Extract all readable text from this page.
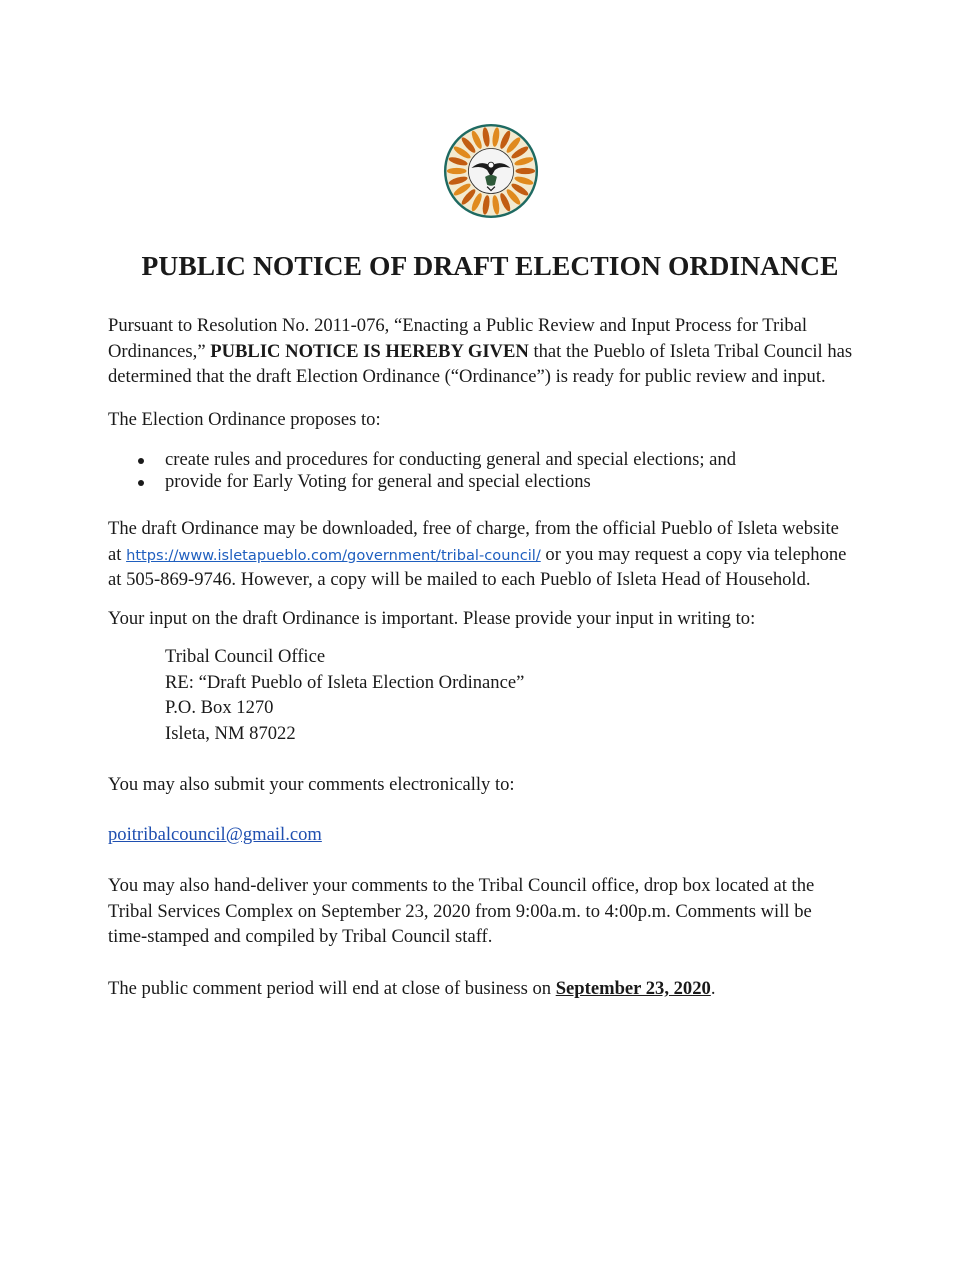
PUBLIC NOTICE OF DRAFT ELECTION ORDINANCE

Pursuant to Resolution No. 2011-076, “Enacting a Public Review and Input Process for Tribal

Ordinances,” PUBLIC NOTICE IS HEREBY GIVEN that the Pueblo of Isleta Tribal Council has

determined that the draft Election Ordinance (“Ordinance”) is ready for public review and input.

The Election Ordinance proposes to:

create rules and procedures for conducting general and special elections; and
provide for Early Voting for general and special elections

The draft Ordinance may be downloaded, free of charge, from the official Pueblo of Isleta website

at https://www.isletapueblo.com/government/tribal-council/ or you may request a copy via telephone

at 505-869-9746. However, a copy will be mailed to each Pueblo of Isleta Head of Household.

Your input on the draft Ordinance is important. Please provide your input in writing to:

Tribal Council Office
RE: “Draft Pueblo of Isleta Election Ordinance”
P.O. Box 1270
Isleta, NM 87022

You may also submit your comments electronically to:

poitribalcouncil@gmail.com

You may also hand-deliver your comments to the Tribal Council office, drop box located at the

Tribal Services Complex on September 23, 2020 from 9:00a.m. to 4:00p.m. Comments will be

time-stamped and compiled by Tribal Council staff.

The public comment period will end at close of business on September 23, 2020.
